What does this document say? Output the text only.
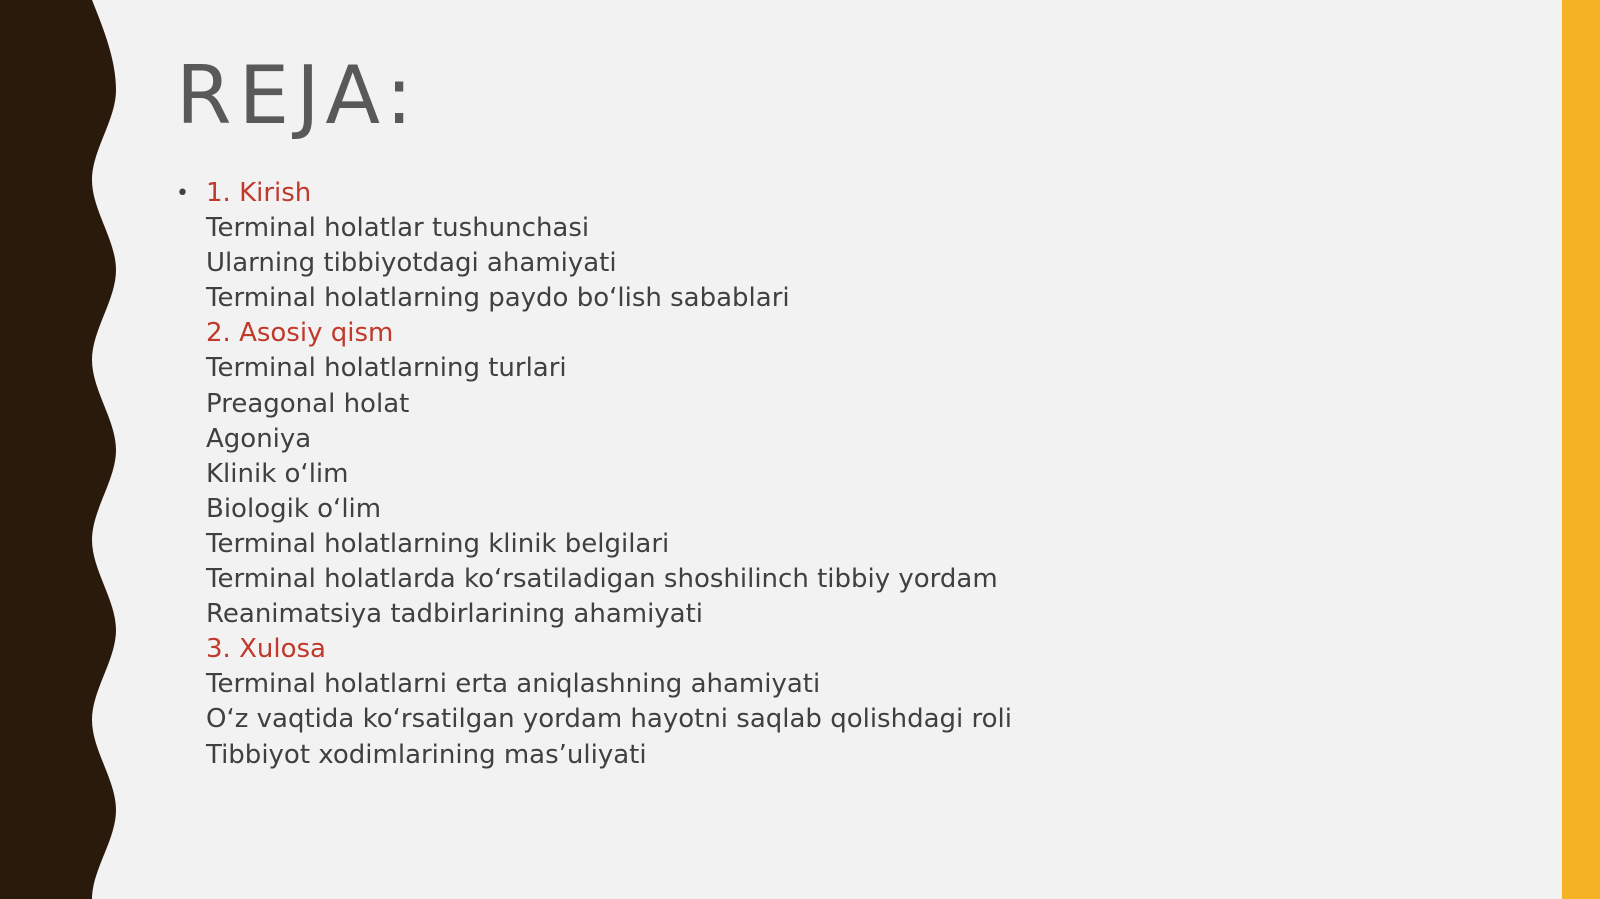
REJA:
• 1. Kirish
Terminal holatlar tushunchasi
Ularning tibbiyotdagi ahamiyati
Terminal holatlarning paydo bo‘lish sabablari
2. Asosiy qism
Terminal holatlarning turlari
Preagonal holat
Agoniya
Klinik o‘lim
Biologik o‘lim
Terminal holatlarning klinik belgilari
Terminal holatlarda ko‘rsatiladigan shoshilinch tibbiy yordam
Reanimatsiya tadbirlarining ahamiyati
3. Xulosa
Terminal holatlarni erta aniqlashning ahamiyati
O‘z vaqtida ko‘rsatilgan yordam hayotni saqlab qolishdagi roli
Tibbiyot xodimlarining mas’uliyati
